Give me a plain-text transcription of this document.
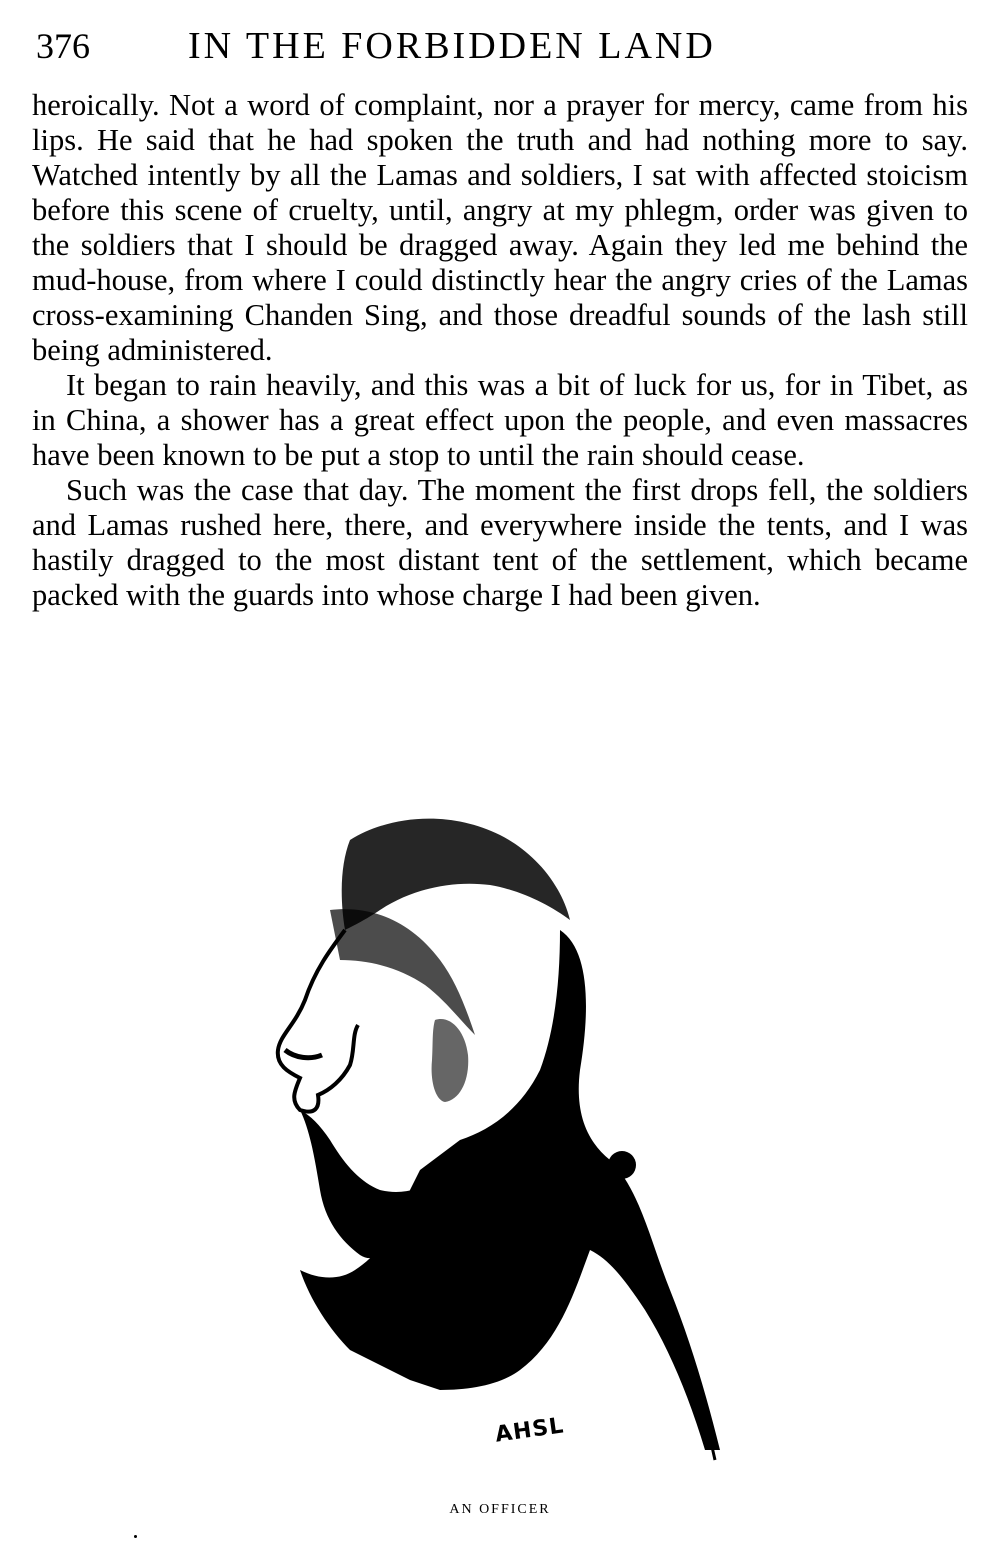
376	IN THE FORBIDDEN LAND

heroically. Not a word of complaint, nor a prayer for mercy, came from his lips. He said that he had spoken the truth and had nothing more to say. Watched intently by all the Lamas and soldiers, I sat with affected stoicism before this scene of cruelty, until, angry at my phlegm, order was given to the soldiers that I should be dragged away. Again they led me behind the mud-house, from where I could distinctly hear the angry cries of the Lamas cross-examining Chanden Sing, and those dreadful sounds of the lash still being administered.

It began to rain heavily, and this was a bit of luck for us, for in Tibet, as in China, a shower has a great effect upon the people, and even massacres have been known to be put a stop to until the rain should cease.

Such was the case that day. The moment the first drops fell, the soldiers and Lamas rushed here, there, and everywhere inside the tents, and I was hastily dragged to the most distant tent of the settlement, which became packed with the guards into whose charge I had been given.

AHSL
AN OFFICER
